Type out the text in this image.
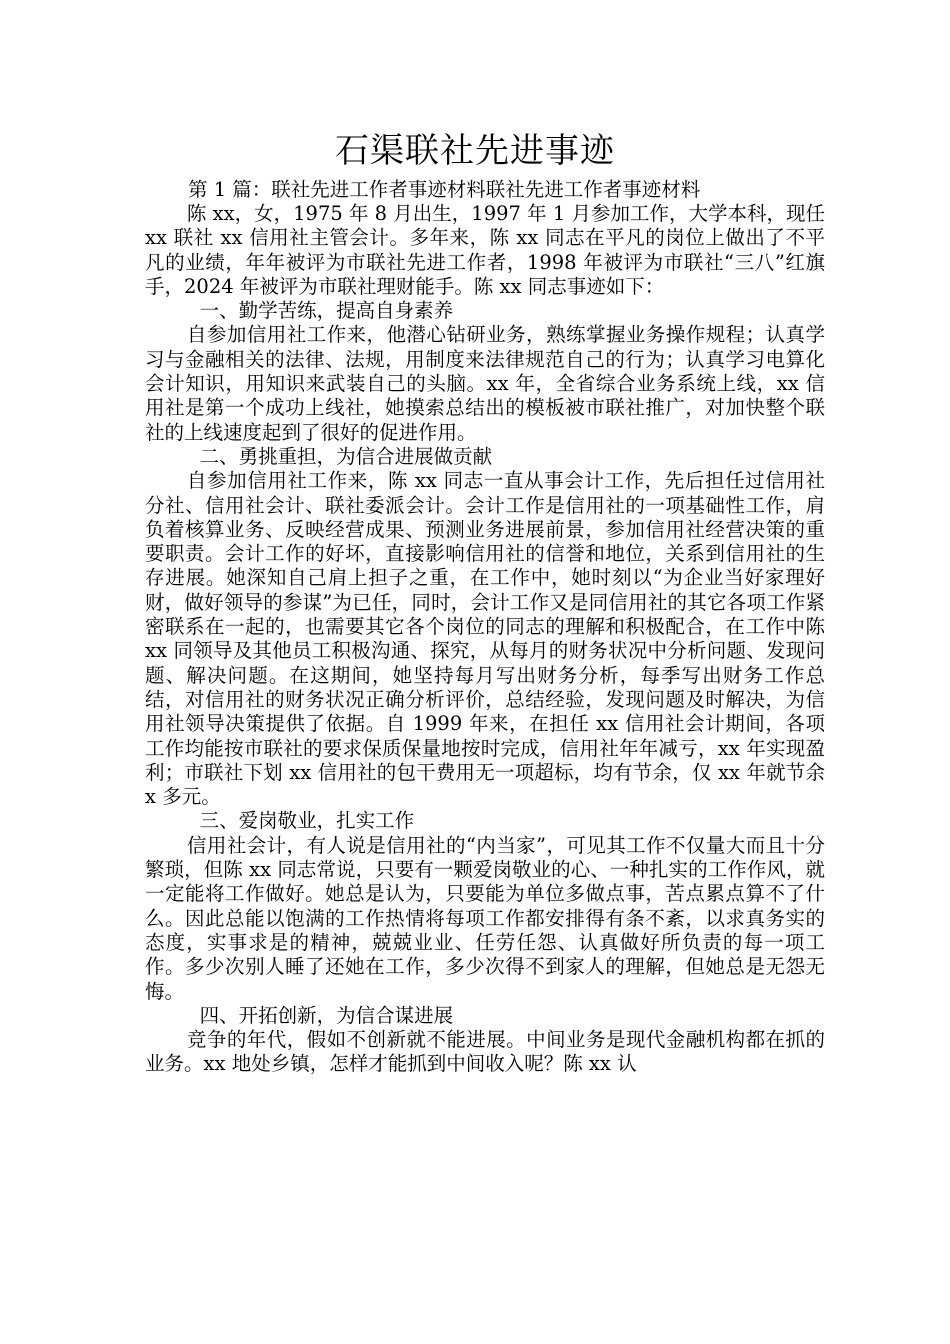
石渠联社先进事迹

第 1 篇：联社先进工作者事迹材料联社先进工作者事迹材料

陈 xx，女，1975 年 8 月出生，1997 年 1 月参加工作，大学本科，现任 xx 联社 xx 信用社主管会计。多年来，陈 xx 同志在平凡的岗位上做出了不平凡的业绩，年年被评为市联社先进工作者，1998 年被评为市联社“三八”红旗手，2024 年被评为市联社理财能手。陈 xx 同志事迹如下：

一、勤学苦练，提高自身素养

自参加信用社工作来，他潜心钻研业务，熟练掌握业务操作规程；认真学习与金融相关的法律、法规，用制度来法律规范自己的行为；认真学习电算化会计知识，用知识来武装自己的头脑。xx 年，全省综合业务系统上线，xx 信用社是第一个成功上线社，她摸索总结出的模板被市联社推广，对加快整个联社的上线速度起到了很好的促进作用。

二、勇挑重担，为信合进展做贡献

自参加信用社工作来，陈 xx 同志一直从事会计工作，先后担任过信用社分社、信用社会计、联社委派会计。会计工作是信用社的一项基础性工作，肩负着核算业务、反映经营成果、预测业务进展前景，参加信用社经营决策的重要职责。会计工作的好坏，直接影响信用社的信誉和地位，关系到信用社的生存进展。她深知自己肩上担子之重，在工作中，她时刻以“为企业当好家理好财，做好领导的参谋”为已任，同时，会计工作又是同信用社的其它各项工作紧密联系在一起的，也需要其它各个岗位的同志的理解和积极配合，在工作中陈 xx 同领导及其他员工积极沟通、探究，从每月的财务状况中分析问题、发现问题、解决问题。在这期间，她坚持每月写出财务分析，每季写出财务工作总结，对信用社的财务状况正确分析评价，总结经验，发现问题及时解决，为信用社领导决策提供了依据。自 1999 年来，在担任 xx 信用社会计期间，各项工作均能按市联社的要求保质保量地按时完成，信用社年年减亏，xx 年实现盈利；市联社下划 xx 信用社的包干费用无一项超标，均有节余，仅 xx 年就节余 x 多元。

三、爱岗敬业，扎实工作

信用社会计，有人说是信用社的“内当家”，可见其工作不仅量大而且十分繁琐，但陈 xx 同志常说，只要有一颗爱岗敬业的心、一种扎实的工作作风，就一定能将工作做好。她总是认为，只要能为单位多做点事，苦点累点算不了什么。因此总能以饱满的工作热情将每项工作都安排得有条不紊，以求真务实的态度，实事求是的精神，兢兢业业、任劳任怨、认真做好所负责的每一项工作。多少次别人睡了还她在工作，多少次得不到家人的理解，但她总是无怨无悔。

四、开拓创新，为信合谋进展

竞争的年代，假如不创新就不能进展。中间业务是现代金融机构都在抓的业务。xx 地处乡镇，怎样才能抓到中间收入呢？陈 xx 认
